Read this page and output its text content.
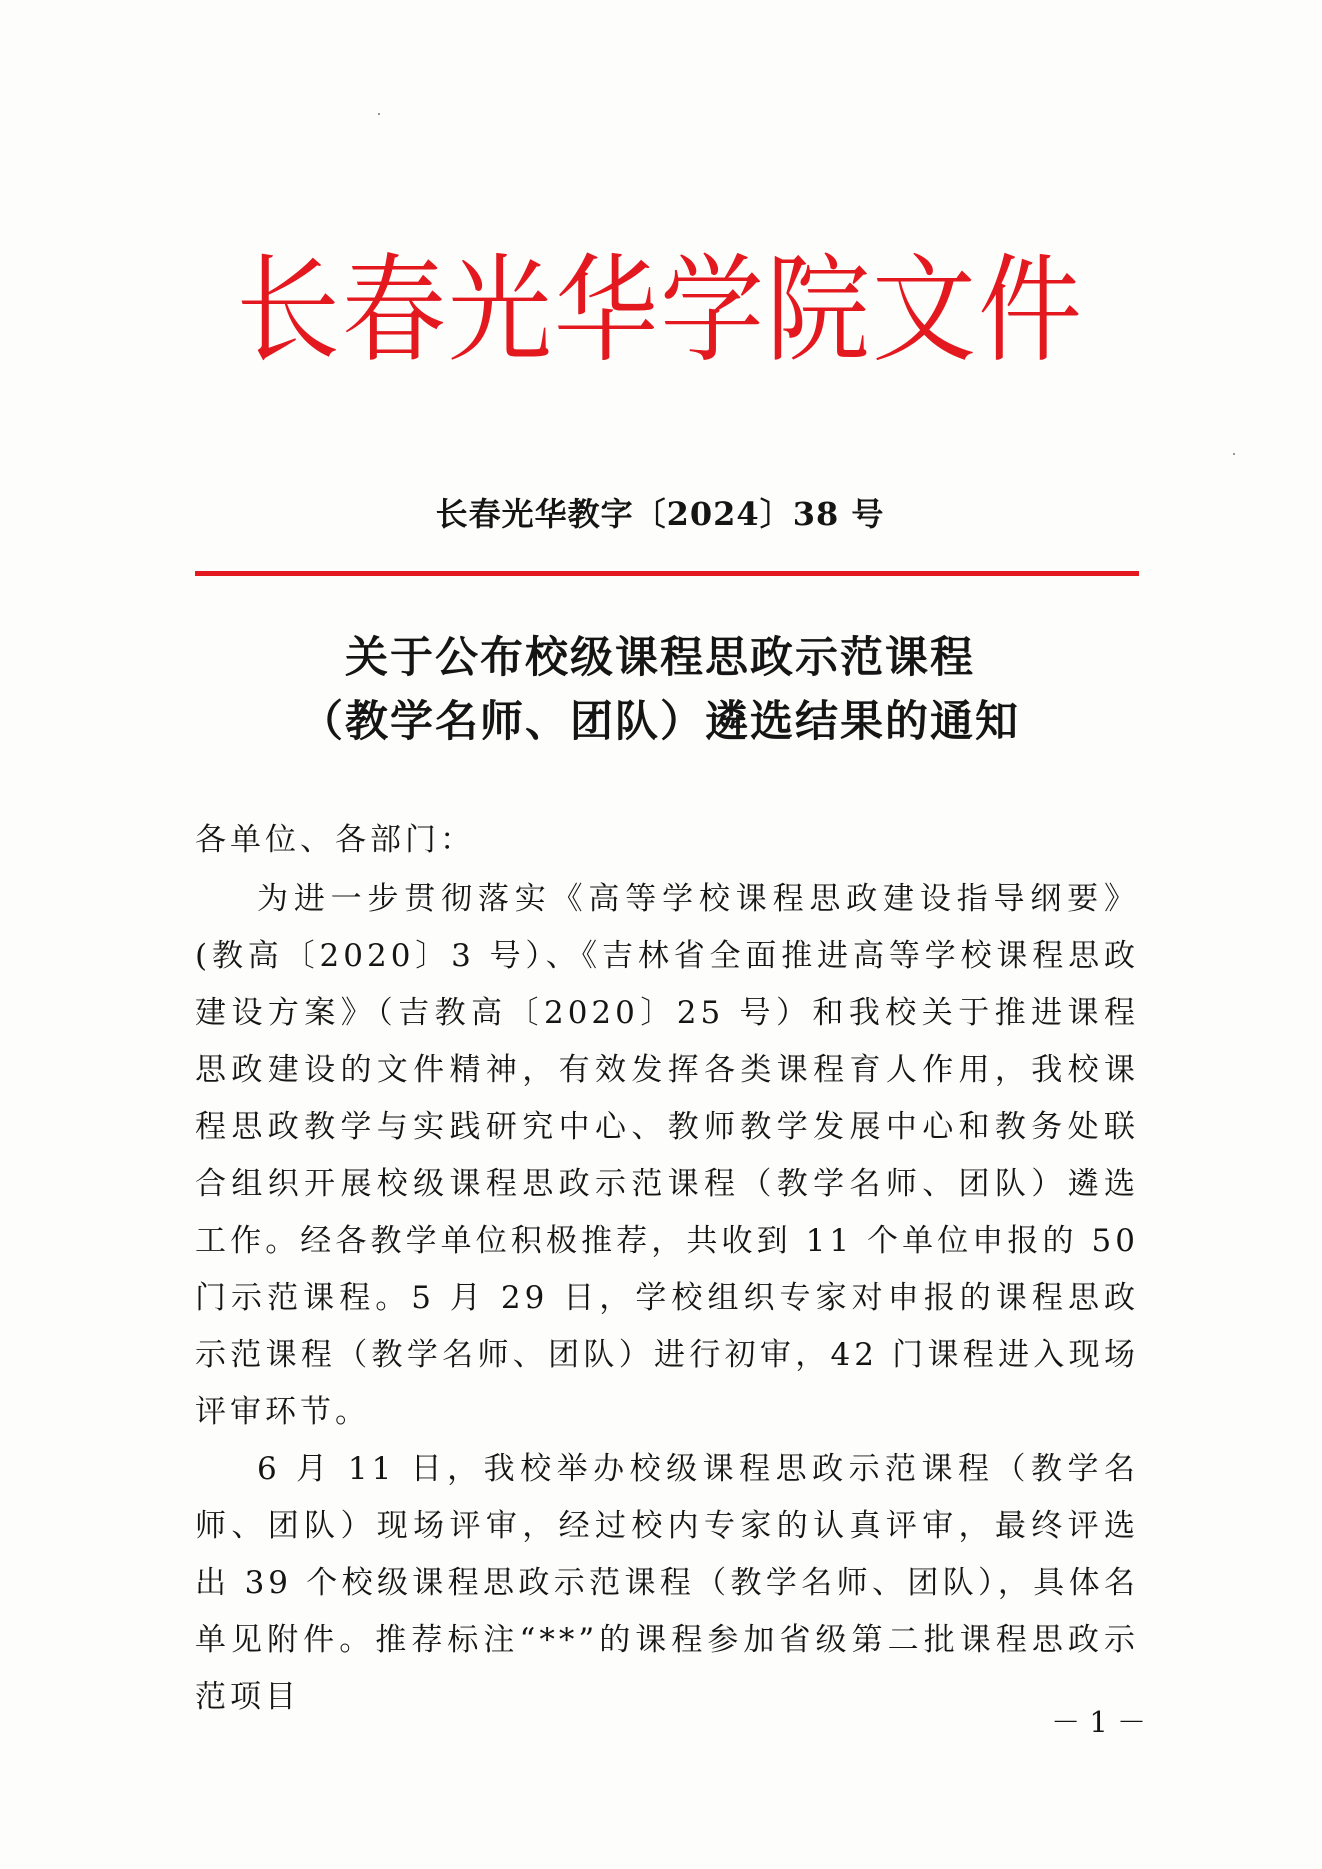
长春光华学院文件
长春光华教字〔2024〕38 号
关于公布校级课程思政示范课程
（教学名师、团队）遴选结果的通知

各单位、各部门：

为进一步贯彻落实《高等学校课程思政建设指导纲要》(教高〔2020〕3 号）、《吉林省全面推进高等学校课程思政建设方案》（吉教高〔2020〕25 号）和我校关于推进课程思政建设的文件精神，有效发挥各类课程育人作用，我校课程思政教学与实践研究中心、教师教学发展中心和教务处联合组织开展校级课程思政示范课程（教学名师、团队）遴选工作。经各教学单位积极推荐，共收到 11 个单位申报的 50 门示范课程。5 月 29 日，学校组织专家对申报的课程思政示范课程（教学名师、团队）进行初审，42 门课程进入现场评审环节。

6 月 11 日，我校举办校级课程思政示范课程（教学名师、团队）现场评审，经过校内专家的认真评审，最终评选出 39 个校级课程思政示范课程（教学名师、团队），具体名单见附件。推荐标注“**”的课程参加省级第二批课程思政示范项目

－ 1 －
